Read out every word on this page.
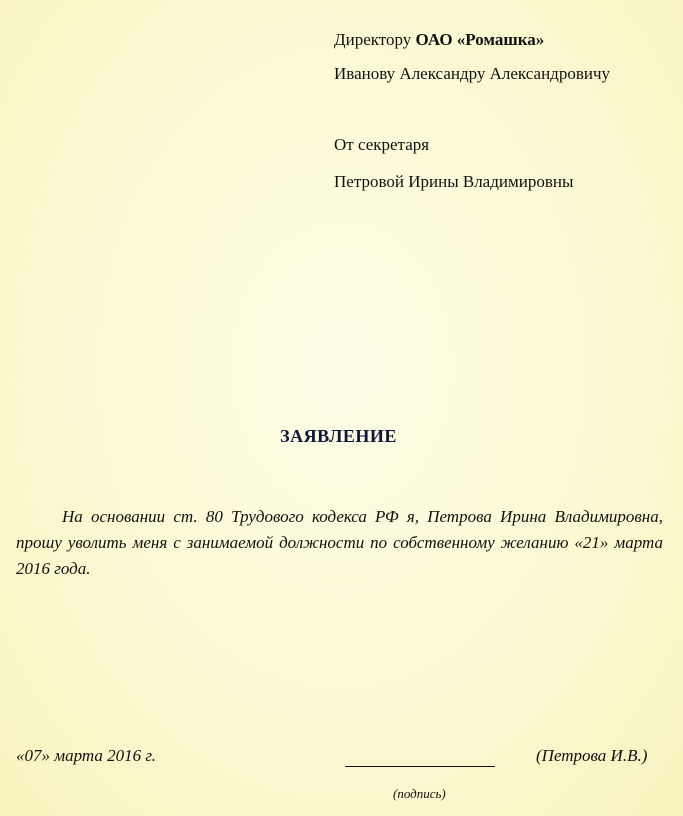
Директору ОАО «Ромашка»
Иванову Александру Александровичу
От секретаря
Петровой Ирины Владимировны
ЗАЯВЛЕНИЕ
На основании ст. 80 Трудового кодекса РФ я, Петрова Ирина Владимировна, прошу уволить меня с занимаемой должности по собственному желанию «21» марта 2016 года.
«07» марта 2016 г.	(Петрова И.В.)
(подпись)
